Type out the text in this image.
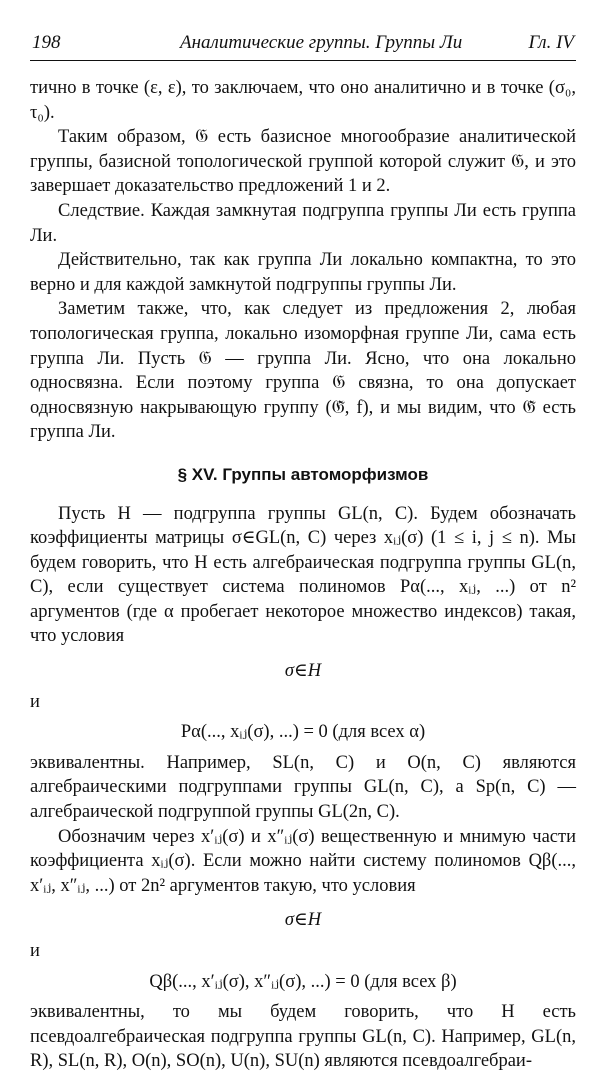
198	Аналитические группы. Группы Ли	Гл. IV

тично в точке (ε, ε), то заключаем, что оно аналитично и в точке (σ₀, τ₀).

Таким образом, 𝔊 есть базисное многообразие аналитической группы, базисной топологической группой которой служит 𝔊, и это завершает доказательство предложений 1 и 2.

Следствие. Каждая замкнутая подгруппа группы Ли есть группа Ли.

Действительно, так как группа Ли локально компактна, то это верно и для каждой замкнутой подгруппы группы Ли.

Заметим также, что, как следует из предложения 2, любая топологическая группа, локально изоморфная группе Ли, сама есть группа Ли. Пусть 𝔊 — группа Ли. Ясно, что она локально односвязна. Если поэтому группа 𝔊 связна, то она допускает односвязную накрывающую группу (𝔊̃, f), и мы видим, что 𝔊̃ есть группа Ли.

§ XV. Группы автоморфизмов

Пусть H — подгруппа группы GL(n, C). Будем обозначать коэффициенты матрицы σ∈GL(n, C) через xᵢⱼ(σ) (1 ≤ i, j ≤ n). Мы будем говорить, что H есть алгебраическая подгруппа группы GL(n, C), если существует система полиномов Pα(..., xᵢⱼ, ...) от n² аргументов (где α пробегает некоторое множество индексов) такая, что условия

σ∈H

и

Pα(..., xᵢⱼ(σ), ...) = 0 (для всех α)

эквивалентны. Например, SL(n, C) и O(n, C) являются алгебраическими подгруппами группы GL(n, C), а Sp(n, C) — алгебраической подгруппой группы GL(2n, C).

Обозначим через x′ᵢⱼ(σ) и x″ᵢⱼ(σ) вещественную и мнимую части коэффициента xᵢⱼ(σ). Если можно найти систему полиномов Qβ(..., x′ᵢⱼ, x″ᵢⱼ, ...) от 2n² аргументов такую, что условия

σ∈H

и

Qβ(..., x′ᵢⱼ(σ), x″ᵢⱼ(σ), ...) = 0 (для всех β)

эквивалентны, то мы будем говорить, что H есть псевдоалгебраическая подгруппа группы GL(n, C). Например, GL(n, R), SL(n, R), O(n), SO(n), U(n), SU(n) являются псевдоалгебраи-
